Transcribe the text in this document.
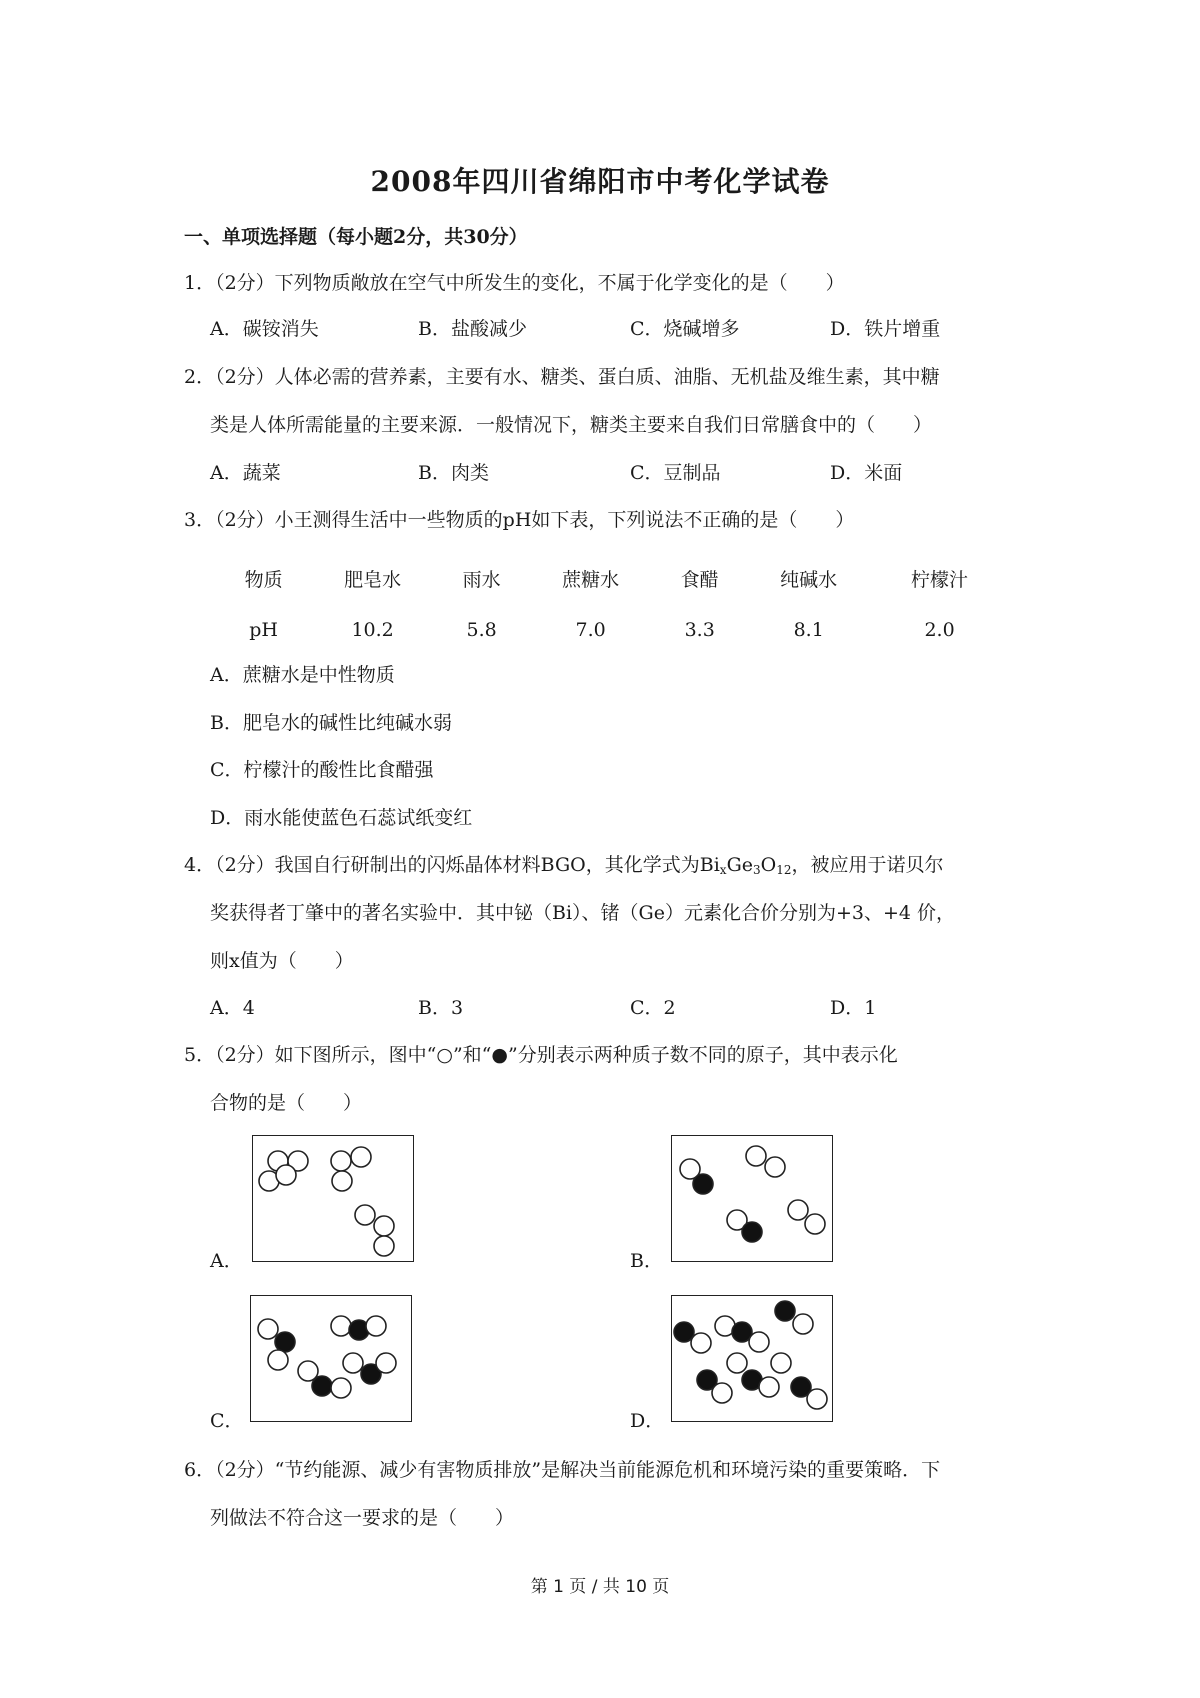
2008年四川省绵阳市中考化学试卷
一、单项选择题（每小题2分，共30分）
1．（2分）下列物质敞放在空气中所发生的变化，不属于化学变化的是（　　）
A．碳铵消失	B．盐酸减少	C．烧碱增多	D．铁片增重
2．（2分）人体必需的营养素，主要有水、糖类、蛋白质、油脂、无机盐及维生素，其中糖
类是人体所需能量的主要来源．一般情况下，糖类主要来自我们日常膳食中的（　　）
A．蔬菜	B．肉类	C．豆制品	D．米面
3．（2分）小王测得生活中一些物质的pH如下表，下列说法不正确的是（　　）
物质	肥皂水	雨水	蔗糖水	食醋	纯碱水	柠檬汁
pH	10.2	5.8	7.0	3.3	8.1	2.0
A．蔗糖水是中性物质
B．肥皂水的碱性比纯碱水弱
C．柠檬汁的酸性比食醋强
D．雨水能使蓝色石蕊试纸变红
4．（2分）我国自行研制出的闪烁晶体材料BGO，其化学式为$Bi_xGe_3O_{12}$，被应用于诺贝尔
奖获得者丁肇中的著名实验中．其中铋（Bi）、锗（Ge）元素化合价分别为+3、+4 价，
则x值为（　　）
A．4	B．3	C．2	D．1
5．（2分）如下图所示，图中“○”和“●”分别表示两种质子数不同的原子，其中表示化
合物的是（　　）
A．	B．
C．	D．
6．（2分）“节约能源、减少有害物质排放”是解决当前能源危机和环境污染的重要策略．下
列做法不符合这一要求的是（　　）
第 1 页 / 共 10 页
